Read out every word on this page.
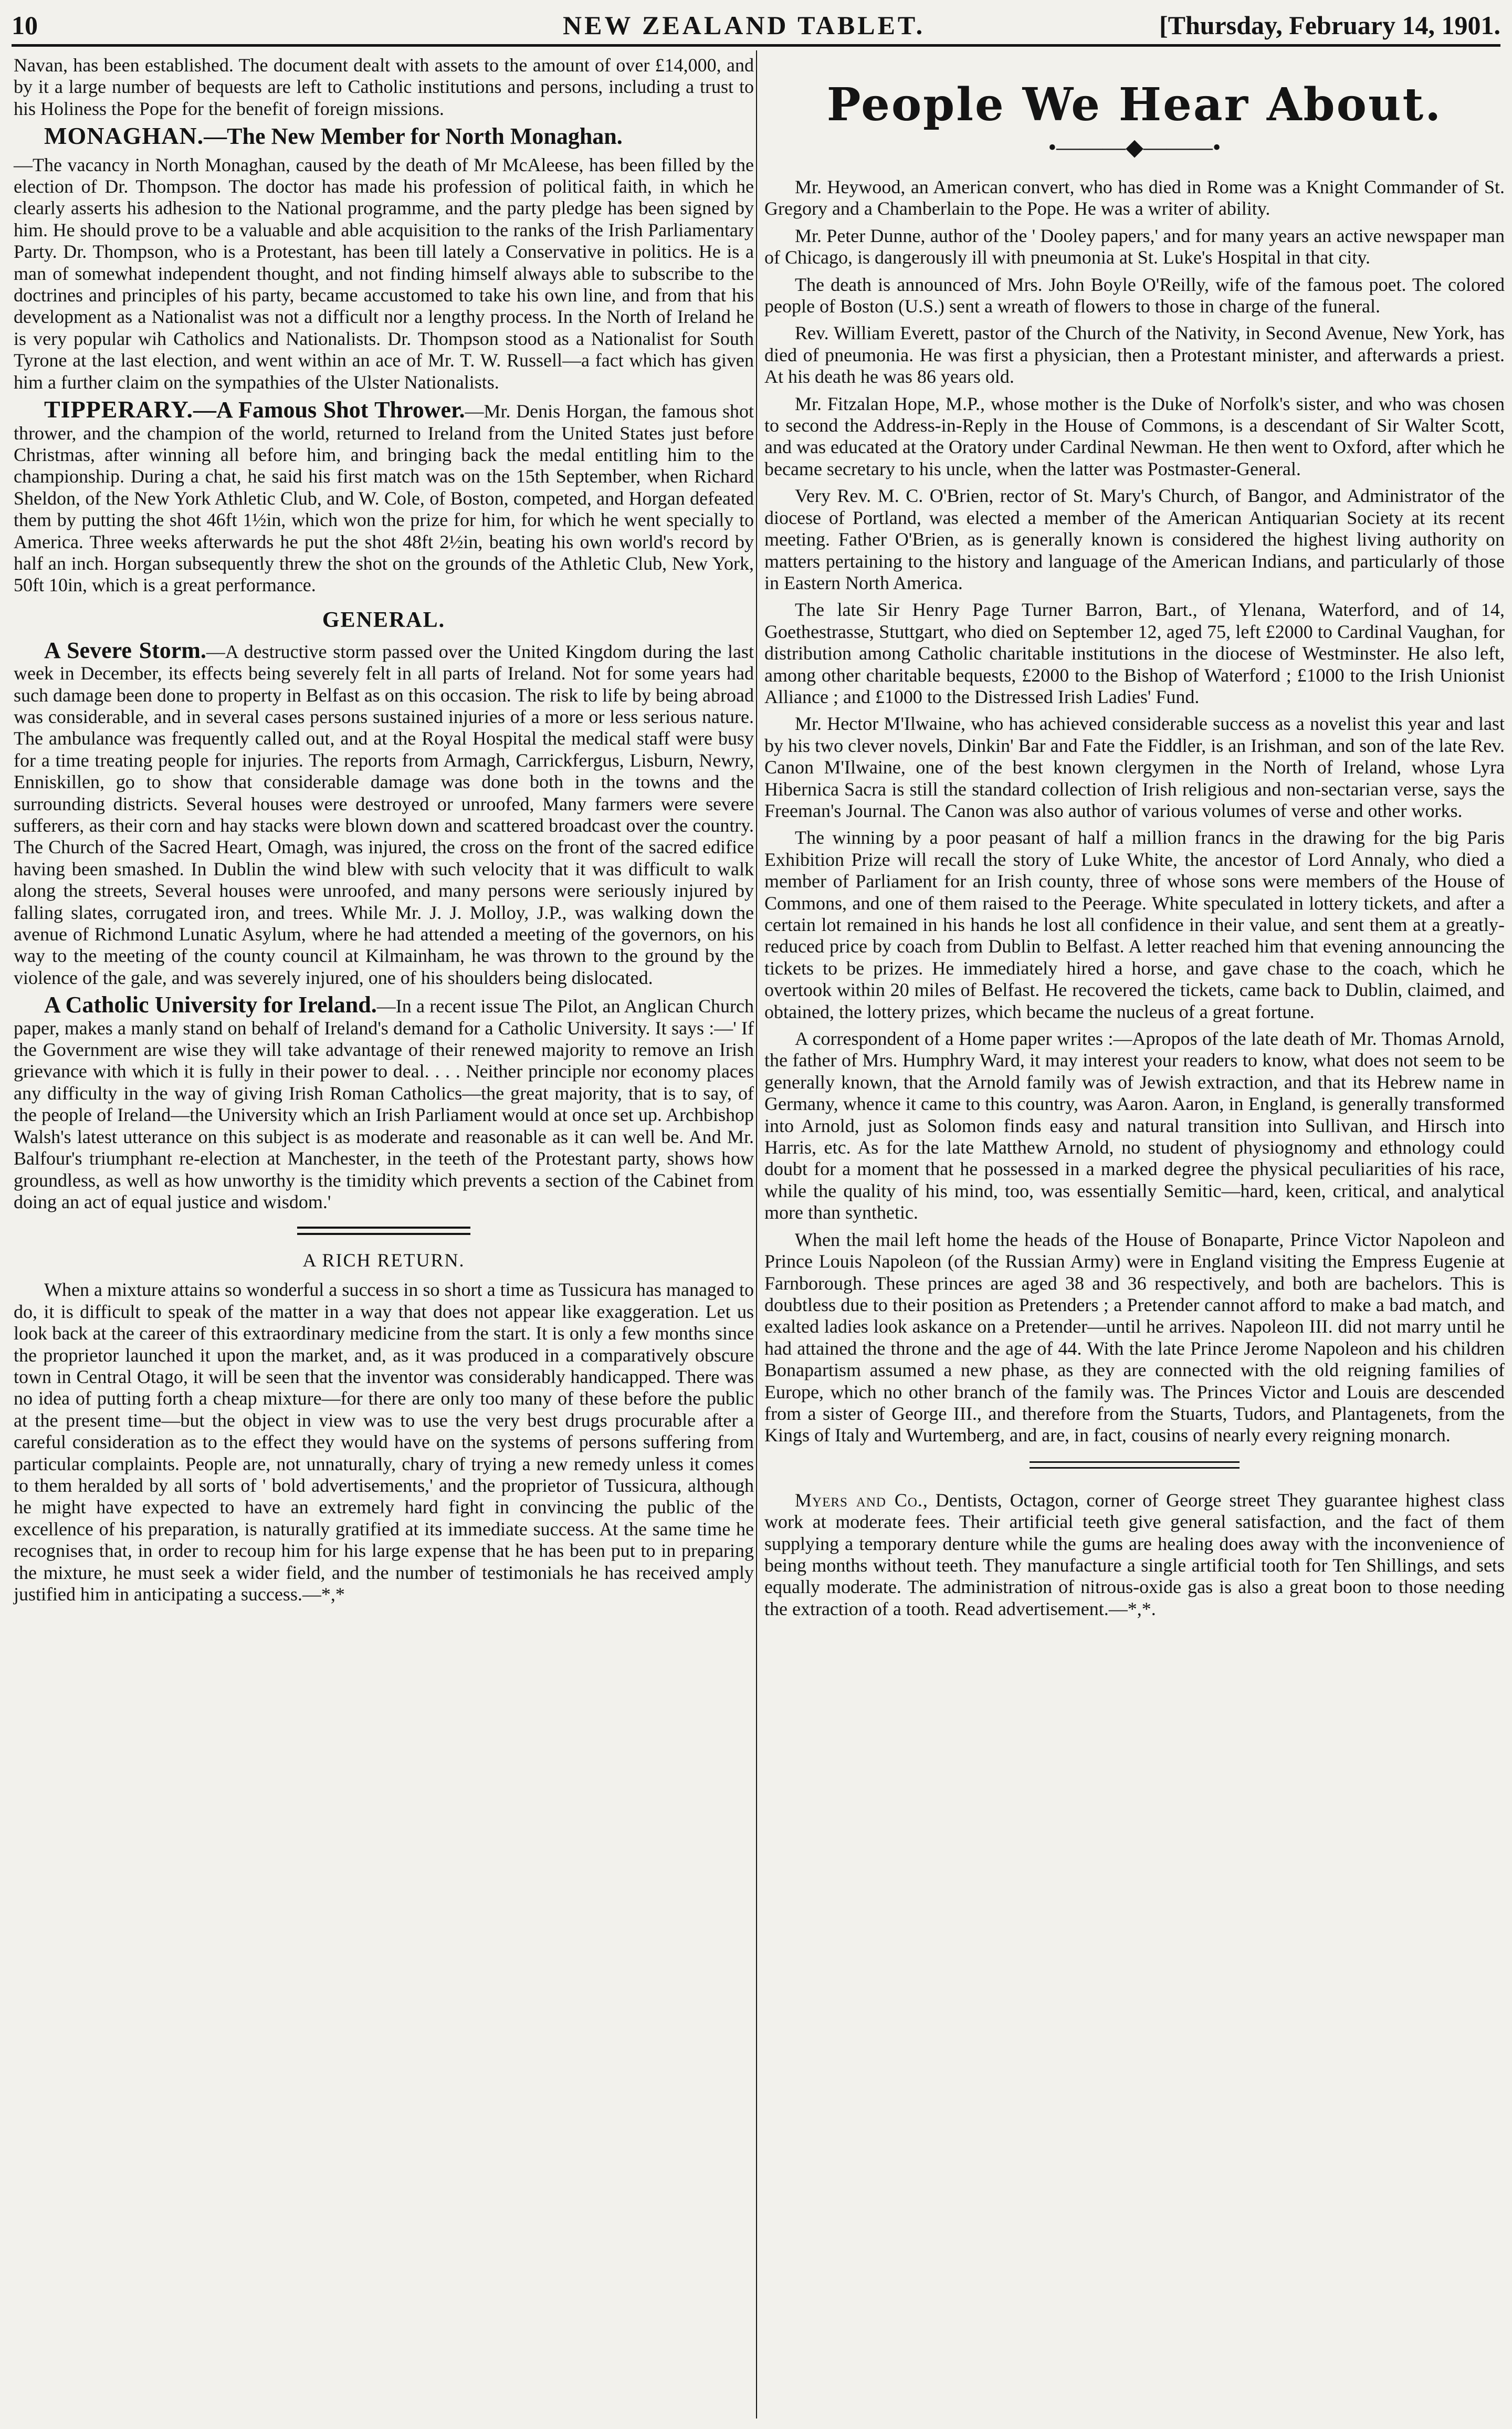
10	NEW ZEALAND TABLET.	[Thursday, February 14, 1901.

Navan, has been established. The document dealt with assets to the amount of over £14,000, and by it a large number of bequests are left to Catholic institutions and persons, including a trust to his Holiness the Pope for the benefit of foreign missions.

MONAGHAN.—The New Member for North Monaghan.

—The vacancy in North Monaghan, caused by the death of Mr McAleese, has been filled by the election of Dr. Thompson. The doctor has made his profession of political faith, in which he clearly asserts his adhesion to the National programme, and the party pledge has been signed by him. He should prove to be a valuable and able acquisition to the ranks of the Irish Parliamentary Party. Dr. Thompson, who is a Protestant, has been till lately a Conservative in politics. He is a man of somewhat independent thought, and not finding himself always able to subscribe to the doctrines and principles of his party, became accustomed to take his own line, and from that his development as a Nationalist was not a difficult nor a lengthy process. In the North of Ireland he is very popular wih Catholics and Nationalists. Dr. Thompson stood as a Nationalist for South Tyrone at the last election, and went within an ace of Mr. T. W. Russell—a fact which has given him a further claim on the sympathies of the Ulster Nationalists.

TIPPERARY.—A Famous Shot Thrower.—Mr. Denis Horgan, the famous shot thrower, and the champion of the world, returned to Ireland from the United States just before Christmas, after winning all before him, and bringing back the medal entitling him to the championship. During a chat, he said his first match was on the 15th September, when Richard Sheldon, of the New York Athletic Club, and W. Cole, of Boston, competed, and Horgan defeated them by putting the shot 46ft 1½in, which won the prize for him, for which he went specially to America. Three weeks afterwards he put the shot 48ft 2½in, beating his own world's record by half an inch. Horgan subsequently threw the shot on the grounds of the Athletic Club, New York, 50ft 10in, which is a great performance.

GENERAL.

A Severe Storm.—A destructive storm passed over the United Kingdom during the last week in December, its effects being severely felt in all parts of Ireland. Not for some years had such damage been done to property in Belfast as on this occasion. The risk to life by being abroad was considerable, and in several cases persons sustained injuries of a more or less serious nature. The ambulance was frequently called out, and at the Royal Hospital the medical staff were busy for a time treating people for injuries. The reports from Armagh, Carrickfergus, Lisburn, Newry, Enniskillen, go to show that considerable damage was done both in the towns and the surrounding districts. Several houses were destroyed or unroofed, Many farmers were severe sufferers, as their corn and hay stacks were blown down and scattered broadcast over the country. The Church of the Sacred Heart, Omagh, was injured, the cross on the front of the sacred edifice having been smashed. In Dublin the wind blew with such velocity that it was difficult to walk along the streets, Several houses were unroofed, and many persons were seriously injured by falling slates, corrugated iron, and trees. While Mr. J. J. Molloy, J.P., was walking down the avenue of Richmond Lunatic Asylum, where he had attended a meeting of the governors, on his way to the meeting of the county council at Kilmainham, he was thrown to the ground by the violence of the gale, and was severely injured, one of his shoulders being dislocated.

A Catholic University for Ireland.—In a recent issue The Pilot, an Anglican Church paper, makes a manly stand on behalf of Ireland's demand for a Catholic University. It says :—' If the Government are wise they will take advantage of their renewed majority to remove an Irish grievance with which it is fully in their power to deal. . . . Neither principle nor economy places any difficulty in the way of giving Irish Roman Catholics—the great majority, that is to say, of the people of Ireland—the University which an Irish Parliament would at once set up. Archbishop Walsh's latest utterance on this subject is as moderate and reasonable as it can well be. And Mr. Balfour's triumphant re-election at Manchester, in the teeth of the Protestant party, shows how groundless, as well as how unworthy is the timidity which prevents a section of the Cabinet from doing an act of equal justice and wisdom.'

A RICH RETURN.

When a mixture attains so wonderful a success in so short a time as Tussicura has managed to do, it is difficult to speak of the matter in a way that does not appear like exaggeration. Let us look back at the career of this extraordinary medicine from the start. It is only a few months since the proprietor launched it upon the market, and, as it was produced in a comparatively obscure town in Central Otago, it will be seen that the inventor was considerably handicapped. There was no idea of putting forth a cheap mixture—for there are only too many of these before the public at the present time—but the object in view was to use the very best drugs procurable after a careful consideration as to the effect they would have on the systems of persons suffering from particular complaints. People are, not unnaturally, chary of trying a new remedy unless it comes to them heralded by all sorts of ' bold advertisements,' and the proprietor of Tussicura, although he might have expected to have an extremely hard fight in convincing the public of the excellence of his preparation, is naturally gratified at its immediate success. At the same time he recognises that, in order to recoup him for his large expense that he has been put to in preparing the mixture, he must seek a wider field, and the number of testimonials he has received amply justified him in anticipating a success.—*,*

People We Hear About.
•———◆———•

Mr. Heywood, an American convert, who has died in Rome was a Knight Commander of St. Gregory and a Chamberlain to the Pope. He was a writer of ability.

Mr. Peter Dunne, author of the ' Dooley papers,' and for many years an active newspaper man of Chicago, is dangerously ill with pneumonia at St. Luke's Hospital in that city.

The death is announced of Mrs. John Boyle O'Reilly, wife of the famous poet. The colored people of Boston (U.S.) sent a wreath of flowers to those in charge of the funeral.

Rev. William Everett, pastor of the Church of the Nativity, in Second Avenue, New York, has died of pneumonia. He was first a physician, then a Protestant minister, and afterwards a priest. At his death he was 86 years old.

Mr. Fitzalan Hope, M.P., whose mother is the Duke of Norfolk's sister, and who was chosen to second the Address-in-Reply in the House of Commons, is a descendant of Sir Walter Scott, and was educated at the Oratory under Cardinal Newman. He then went to Oxford, after which he became secretary to his uncle, when the latter was Postmaster-General.

Very Rev. M. C. O'Brien, rector of St. Mary's Church, of Bangor, and Administrator of the diocese of Portland, was elected a member of the American Antiquarian Society at its recent meeting. Father O'Brien, as is generally known is considered the highest living authority on matters pertaining to the history and language of the American Indians, and particularly of those in Eastern North America.

The late Sir Henry Page Turner Barron, Bart., of Ylenana, Waterford, and of 14, Goethestrasse, Stuttgart, who died on September 12, aged 75, left £2000 to Cardinal Vaughan, for distribution among Catholic charitable institutions in the diocese of Westminster. He also left, among other charitable bequests, £2000 to the Bishop of Waterford ; £1000 to the Irish Unionist Alliance ; and £1000 to the Distressed Irish Ladies' Fund.

Mr. Hector M'Ilwaine, who has achieved considerable success as a novelist this year and last by his two clever novels, Dinkin' Bar and Fate the Fiddler, is an Irishman, and son of the late Rev. Canon M'Ilwaine, one of the best known clergymen in the North of Ireland, whose Lyra Hibernica Sacra is still the standard collection of Irish religious and non-sectarian verse, says the Freeman's Journal. The Canon was also author of various volumes of verse and other works.

The winning by a poor peasant of half a million francs in the drawing for the big Paris Exhibition Prize will recall the story of Luke White, the ancestor of Lord Annaly, who died a member of Parliament for an Irish county, three of whose sons were members of the House of Commons, and one of them raised to the Peerage. White speculated in lottery tickets, and after a certain lot remained in his hands he lost all confidence in their value, and sent them at a greatly-reduced price by coach from Dublin to Belfast. A letter reached him that evening announcing the tickets to be prizes. He immediately hired a horse, and gave chase to the coach, which he overtook within 20 miles of Belfast. He recovered the tickets, came back to Dublin, claimed, and obtained, the lottery prizes, which became the nucleus of a great fortune.

A correspondent of a Home paper writes :—Apropos of the late death of Mr. Thomas Arnold, the father of Mrs. Humphry Ward, it may interest your readers to know, what does not seem to be generally known, that the Arnold family was of Jewish extraction, and that its Hebrew name in Germany, whence it came to this country, was Aaron. Aaron, in England, is generally transformed into Arnold, just as Solomon finds easy and natural transition into Sullivan, and Hirsch into Harris, etc. As for the late Matthew Arnold, no student of physiognomy and ethnology could doubt for a moment that he possessed in a marked degree the physical peculiarities of his race, while the quality of his mind, too, was essentially Semitic—hard, keen, critical, and analytical more than synthetic.

When the mail left home the heads of the House of Bonaparte, Prince Victor Napoleon and Prince Louis Napoleon (of the Russian Army) were in England visiting the Empress Eugenie at Farnborough. These princes are aged 38 and 36 respectively, and both are bachelors. This is doubtless due to their position as Pretenders ; a Pretender cannot afford to make a bad match, and exalted ladies look askance on a Pretender—until he arrives. Napoleon III. did not marry until he had attained the throne and the age of 44. With the late Prince Jerome Napoleon and his children Bonapartism assumed a new phase, as they are connected with the old reigning families of Europe, which no other branch of the family was. The Princes Victor and Louis are descended from a sister of George III., and therefore from the Stuarts, Tudors, and Plantagenets, from the Kings of Italy and Wurtemberg, and are, in fact, cousins of nearly every reigning monarch.

Myers and Co., Dentists, Octagon, corner of George street They guarantee highest class work at moderate fees. Their artificial teeth give general satisfaction, and the fact of them supplying a temporary denture while the gums are healing does away with the inconvenience of being months without teeth. They manufacture a single artificial tooth for Ten Shillings, and sets equally moderate. The administration of nitrous-oxide gas is also a great boon to those needing the extraction of a tooth. Read advertisement.—*,*.
